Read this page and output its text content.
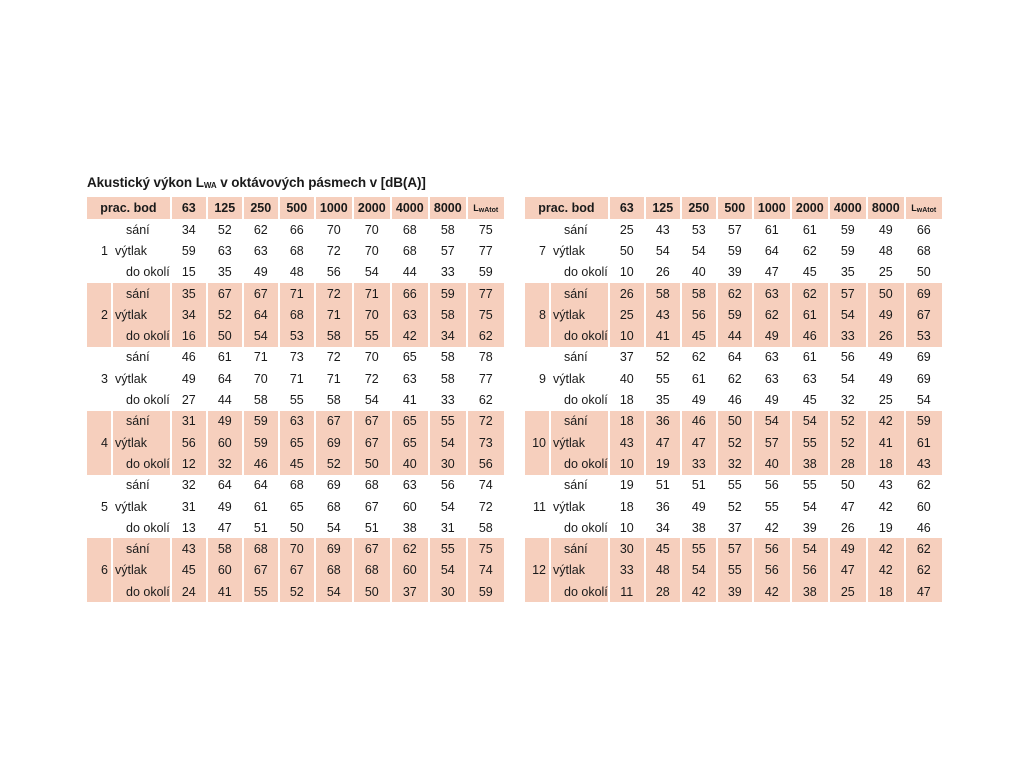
Akustický výkon $L_{WA}$ v oktávových pásmech v [dB(A)]
prac. bod		63	125	250	500	1000	2000	4000	8000	$L_{wAtot}$
	sání	34	52	62	66	70	70	68	58	75
1	výtlak	59	63	63	68	72	70	68	57	77
	do okolí	15	35	49	48	56	54	44	33	59
	sání	35	67	67	71	72	71	66	59	77
2	výtlak	34	52	64	68	71	70	63	58	75
	do okolí	16	50	54	53	58	55	42	34	62
	sání	46	61	71	73	72	70	65	58	78
3	výtlak	49	64	70	71	71	72	63	58	77
	do okolí	27	44	58	55	58	54	41	33	62
	sání	31	49	59	63	67	67	65	55	72
4	výtlak	56	60	59	65	69	67	65	54	73
	do okolí	12	32	46	45	52	50	40	30	56
	sání	32	64	64	68	69	68	63	56	74
5	výtlak	31	49	61	65	68	67	60	54	72
	do okolí	13	47	51	50	54	51	38	31	58
	sání	43	58	68	70	69	67	62	55	75
6	výtlak	45	60	67	67	68	68	60	54	74
	do okolí	24	41	55	52	54	50	37	30	59
prac. bod		63	125	250	500	1000	2000	4000	8000	$L_{wAtot}$
	sání	25	43	53	57	61	61	59	49	66
7	výtlak	50	54	54	59	64	62	59	48	68
	do okolí	10	26	40	39	47	45	35	25	50
	sání	26	58	58	62	63	62	57	50	69
8	výtlak	25	43	56	59	62	61	54	49	67
	do okolí	10	41	45	44	49	46	33	26	53
	sání	37	52	62	64	63	61	56	49	69
9	výtlak	40	55	61	62	63	63	54	49	69
	do okolí	18	35	49	46	49	45	32	25	54
	sání	18	36	46	50	54	54	52	42	59
10	výtlak	43	47	47	52	57	55	52	41	61
	do okolí	10	19	33	32	40	38	28	18	43
	sání	19	51	51	55	56	55	50	43	62
11	výtlak	18	36	49	52	55	54	47	42	60
	do okolí	10	34	38	37	42	39	26	19	46
	sání	30	45	55	57	56	54	49	42	62
12	výtlak	33	48	54	55	56	56	47	42	62
	do okolí	11	28	42	39	42	38	25	18	47
